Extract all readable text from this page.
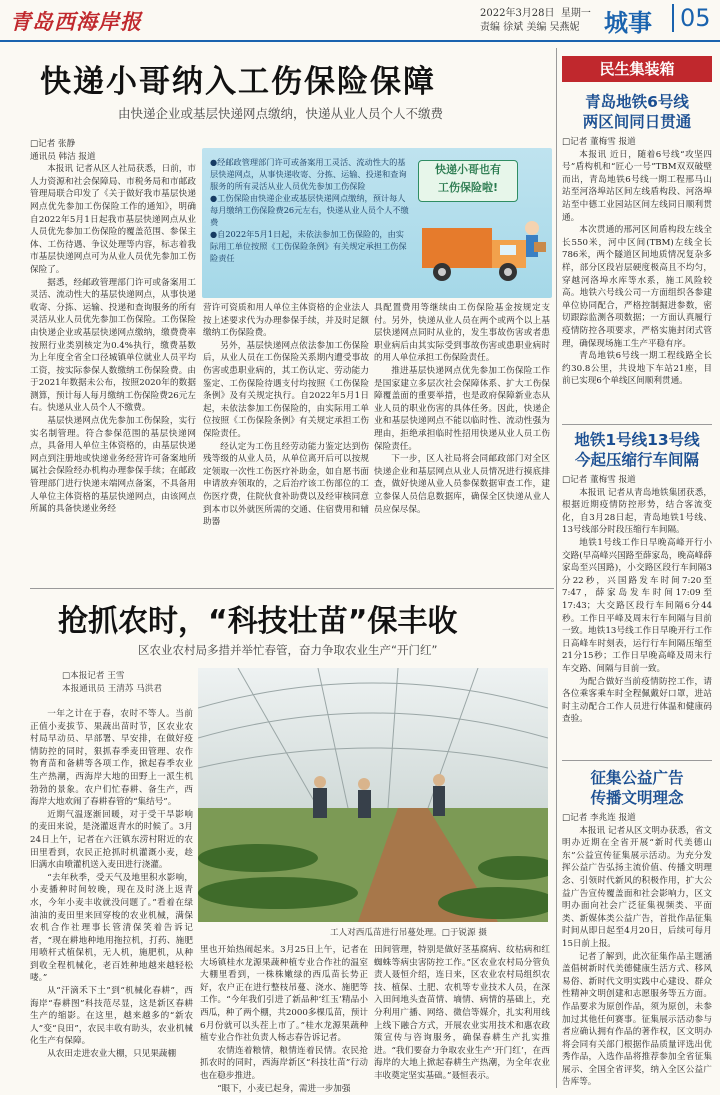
青岛西海岸报	2022年3月28日 星期一
责编 徐斌 美编 吴燕妮	城事	05
快递小哥纳入工伤保险保障
由快递企业或基层快递网点缴纳，快递从业人员个人不缴费

□记者 张静

通讯员 韩洁 报道

本报讯 记者从区人社局获悉，日前，市人力资源和社会保障局、市税务局和市邮政管理局联合印发了《关于做好我市基层快递网点优先参加工伤保险工作的通知》，明确自2022年5月1日起我市基层快递网点从业人员优先参加工伤保险的覆盖范围、参保主体、工伤待遇、争议处理等内容，标志着我市基层快递网点可为从业人员优先参加工伤保险了。

据悉，经邮政管理部门许可或备案用工灵活、流动性大的基层快递网点，从事快递收寄、分拣、运输、投递和查询服务的所有灵活从业人员优先参加工伤保险。工伤保险由快递企业或基层快递网点缴纳，缴费费率按照行业类别核定为0.4%执行，缴费基数为上年度全省全口径城镇单位就业人员平均工资，按实际参保人数缴纳工伤保险费。由于2021年数据未公布，按照2020年的数据测算，预计每人每月缴纳工伤保险费26元左右。快递从业人员个人不缴费。

基层快递网点优先参加工伤保险，实行实名制管理。符合参保范围的基层快递网点，具备用人单位主体资格的，由基层快递网点到注册地或快递业务经营许可备案地所属社会保险经办机构办理参保手续；在邮政管理部门进行快递末端网点备案，不具备用人单位主体资格的基层快递网点，由该网点所属的具备快递业务经

●经邮政管理部门许可或备案用工灵活、流动性大的基层快递网点，从事快递收寄、分拣、运输、投递和查询服务的所有灵活从业人员优先参加工伤保险

●工伤保险由快递企业或基层快递网点缴纳，预计每人每月缴纳工伤保险费26元左右，快递从业人员个人不缴费

●自2022年5月1日起，未依法参加工伤保险的，由实际用工单位按照《工伤保险条例》有关规定承担工伤保险责任

快递小哥也有
工伤保险啦!

营许可资质和用人单位主体资格的企业法人按上述要求代为办理参保手续，并及时足额缴纳工伤保险费。

另外，基层快递网点依法参加工伤保险后，从业人员在工伤保险关系期内遭受事故伤害或患职业病的，其工伤认定、劳动能力鉴定、工伤保险待遇支付均按照《工伤保险条例》及有关规定执行。自2022年5月1日起，未依法参加工伤保险的，由实际用工单位按照《工伤保险条例》有关规定承担工伤保险责任。

经认定为工伤且经劳动能力鉴定达到伤残等级的从业人员，从单位离开后可以按规定领取一次性工伤医疗补助金，如自愿书面申请放弃领取的，之后治疗该工伤部位的工伤医疗费，住院伙食补助费以及经审核同意到本市以外就医所需的交通、住宿费用和辅助器

具配置费用等继续由工伤保险基金按规定支付。另外，快递从业人员在两个或两个以上基层快递网点同时从业的，发生事故伤害或者患职业病后由其实际受到事故伤害或患职业病时的用人单位承担工伤保险责任。

推进基层快递网点优先参加工伤保险工作是国家建立多层次社会保障体系、扩大工伤保障覆盖面的重要举措，也是政府保障新业态从业人员的职业伤害的具体任务。因此，快递企业和基层快递网点不能以临时性、流动性强为理由，拒绝承担临时性招用快递从业人员工伤保险责任。

下一步，区人社局将会同邮政部门对全区快递企业和基层网点从业人员情况进行摸底排查，做好快递从业人员参保数据审查工作，建立参保人员信息数据库，确保全区快递从业人员应保尽保。

抢抓农时，“科技壮苗”保丰收
区农业农村局多措并举忙春管，奋力争取农业生产“开门红”
□本报记者 王雪
本报通讯员 王清苏 马洪君
工人对西瓜苗进行吊蔓处理。□于锐源 摄

一年之计在于春，农时不等人。当前正值小麦拔节、果蔬出苗时节，区农业农村局早动员、早部署、早安排，在做好疫情防控的同时，狠抓春季麦田管理、农作物育苗和备耕等各项工作，掀起春季农业生产热潮，西海岸大地的田野上一派生机勃勃的景象。农户们忙春耕、备生产，西海岸大地欢闹了春耕春管的“集结号”。

近期气温逐渐回暖，对于受干旱影响的麦田来说，是浇灌返青水的时候了。3月24日上午，记者在六汪镇东涝村附近的农田里看到，农民正抢抓时机灌溉小麦，趁旧满水由喷灌机送入麦田进行浇灌。

“去年秋季，受天气及地里积水影响，小麦播种时间较晚，现在及时浇上返青水，今年小麦丰收就没问题了。”看着在绿油油的麦田里来回穿梭的农业机械，满保农机合作社理事长管清保笑着告诉记者，“现在耕地种地用拖拉机，打药、施肥用喷杆式植保机，无人机，施肥机，从种到收全程机械化，老百姓种地越来越轻松喽。”

从“汗滴禾下土”到“机械化春耕”，西海岸“春耕图”科技范尽显，这是新区春耕生产的缩影。在这里，越来越多的“新农人”变“良田”，农民丰收有助头，农业机械化生产有保障。

从农田走进农业大棚，只见果蔬棚

里也开始热闹起来。3月25日上午，记者在大场镇桂水龙源果蔬种植专业合作社的温室大棚里看到，一株株嫩绿的西瓜苗长势正好，农户正在进行整枝吊蔓、浇水、施肥等工作。“今年我们引进了新品种‘红玉’精品小西瓜，种了两个棚，共2000多棵瓜苗，预计6月份就可以头茬上市了。”桂水龙源果蔬种植专业合作社负责人杨志春告诉记者。

农情连着粮情，粮情连着民情。农民抢抓农时的同时，西海岸新区“科技壮苗”行动也在稳步推进。

“眼下，小麦已起身，需进一步加强

田间管理，特别是做好茎基腐病、纹枯病和红蜘蛛等病虫害防控工作。”区农业农村局分管负责人聂恒介绍，连日来，区农业农村局组织农技、植保、土肥、农机等专业技术人员，在深入田间地头查苗情、墒情、病情的基础上，充分利用广播、网络、微信等媒介，扎实利用线上线下融合方式，开展农业实用技术和惠农政策宣传与咨询服务，确保春耕生产扎实推进。“我们要奋力争取农业生产‘开门红’，在西海岸的大地上掀起春耕生产热潮，为全年农业丰收奠定坚实基础。”聂恒表示。

民生集装箱
青岛地铁6号线
两区间同日贯通

□记者 董梅雪 报道

本报讯 近日，随着6号线“攻坚四号”盾构机和“匠心一号”TBM双双破壁而出，青岛地铁6号线一期工程邢马山站至河洛埠站区间左线盾构段、河洛埠站至中德工业园站区间左线同日顺利贯通。

本次贯通的邢河区间盾构段左线全长550米，河中区间(TBM)左线全长786米，两个隧道区间地质情况复杂多样，部分区段岩层硬度极高且不均匀，穿越河洛埠水库等水系，施工风险较高。地铁六号线公司一方面组织各参建单位协同配合，严格控制掘进参数，密切跟踪监测各项数据；一方面认真履行疫情防控各项要求，严格实施封闭式管理，确保现场施工生产平稳有序。

青岛地铁6号线一期工程线路全长约30.8公里，共设地下车站21座，目前已实现6个单线区间顺利贯通。

地铁1号线13号线
今起压缩行车间隔

□记者 董梅雪 报道

本报讯 记者从青岛地铁集团获悉，根据近期疫情防控形势，结合客流变化，自3月28日起，青岛地铁1号线、13号线部分时段压缩行车间隔。

地铁1号线工作日早晚高峰开行小交路(早高峰兴国路至薛家岛，晚高峰薛家岛至兴国路)，小交路区段行车间隔3分22秒，兴国路发车时间7:20至7:47，薛家岛发车时间17:09至17:43；大交路区段行车间隔6分44秒。工作日平峰及周末行车间隔与目前一致。地铁13号线工作日早晚开行工作日高峰车时刻表，运行行车间隔压缩至21分15秒；工作日早晚高峰及周末行车交路、间隔与目前一致。

为配合做好当前疫情防控工作，请各位乘客乘车时全程佩戴好口罩，进站时主动配合工作人员进行体温和健康码查验。

征集公益广告
传播文明理念

□记者 李兆连 报道

本报讯 记者从区文明办获悉，省文明办近期在全省开展“新时代美德山东”公益宣传征集展示活动。为充分发挥公益广告弘扬主流价值、传播文明理念、引领时代新风的积极作用，扩大公益广告宣传覆盖面和社会影响力，区文明办面向社会广泛征集视频类、平面类、新媒体类公益广告，首批作品征集时间从即日起至4月20日，后续可每月15日前上报。

记者了解到，此次征集作品主题涵盖倡树新时代美德健康生活方式、移风易俗、新时代文明实践中心建设、群众性精神文明创建和志愿服务等五方面。作品要求为原创作品，须为原创，未参加过其他任何赛事。征集展示活动参与者应确认拥有作品的著作权，区文明办将会同有关部门根据作品质量评选出优秀作品，入选作品将推荐参加全省征集展示、全国全省评奖，纳入全区公益广告库等。
